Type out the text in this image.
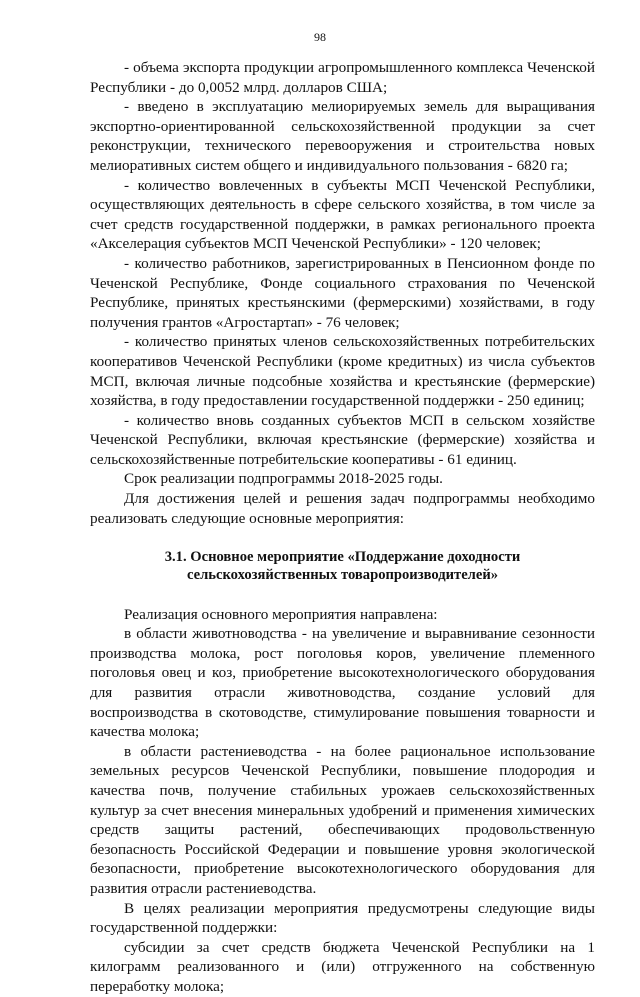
98

- объема экспорта продукции агропромышленного комплекса Чеченской Республики - до 0,0052 млрд. долларов США;

- введено в эксплуатацию мелиорируемых земель для выращивания экспортно-ориентированной сельскохозяйственной продукции за счет реконструкции, технического перевооружения и строительства новых мелиоративных систем общего и индивидуального пользования - 6820 га;

- количество вовлеченных в субъекты МСП Чеченской Республики, осуществляющих деятельность в сфере сельского хозяйства, в том числе за счет средств государственной поддержки, в рамках регионального проекта «Акселерация субъектов МСП Чеченской Республики» - 120 человек;

- количество работников, зарегистрированных в Пенсионном фонде по Чеченской Республике, Фонде социального страхования по Чеченской Республике, принятых крестьянскими (фермерскими) хозяйствами, в году получения грантов «Агростартап» - 76 человек;

- количество принятых членов сельскохозяйственных потребительских кооперативов Чеченской Республики (кроме кредитных) из числа субъектов МСП, включая личные подсобные хозяйства и крестьянские (фермерские) хозяйства, в году предоставлении государственной поддержки - 250 единиц;

- количество вновь созданных субъектов МСП в сельском хозяйстве Чеченской Республики, включая крестьянские (фермерские) хозяйства и сельскохозяйственные потребительские кооперативы - 61 единиц.

Срок реализации подпрограммы 2018-2025 годы.

Для достижения целей и решения задач подпрограммы необходимо реализовать следующие основные мероприятия:

3.1. Основное мероприятие «Поддержание доходности

сельскохозяйственных товаропроизводителей»

Реализация основного мероприятия направлена:

в области животноводства - на увеличение и выравнивание сезонности производства молока, рост поголовья коров, увеличение племенного поголовья овец и коз, приобретение высокотехнологического оборудования для развития отрасли животноводства, создание условий для воспроизводства в скотоводстве, стимулирование повышения товарности и качества молока;

в области растениеводства - на более рациональное использование земельных ресурсов Чеченской Республики, повышение плодородия и качества почв, получение стабильных урожаев сельскохозяйственных культур за счет внесения минеральных удобрений и применения химических средств защиты растений, обеспечивающих продовольственную безопасность Российской Федерации и повышение уровня экологической безопасности, приобретение высокотехнологического оборудования для развития отрасли растениеводства.

В целях реализации мероприятия предусмотрены следующие виды государственной поддержки:

субсидии за счет средств бюджета Чеченской Республики на 1 килограмм реализованного и (или) отгруженного на собственную переработку молока;
